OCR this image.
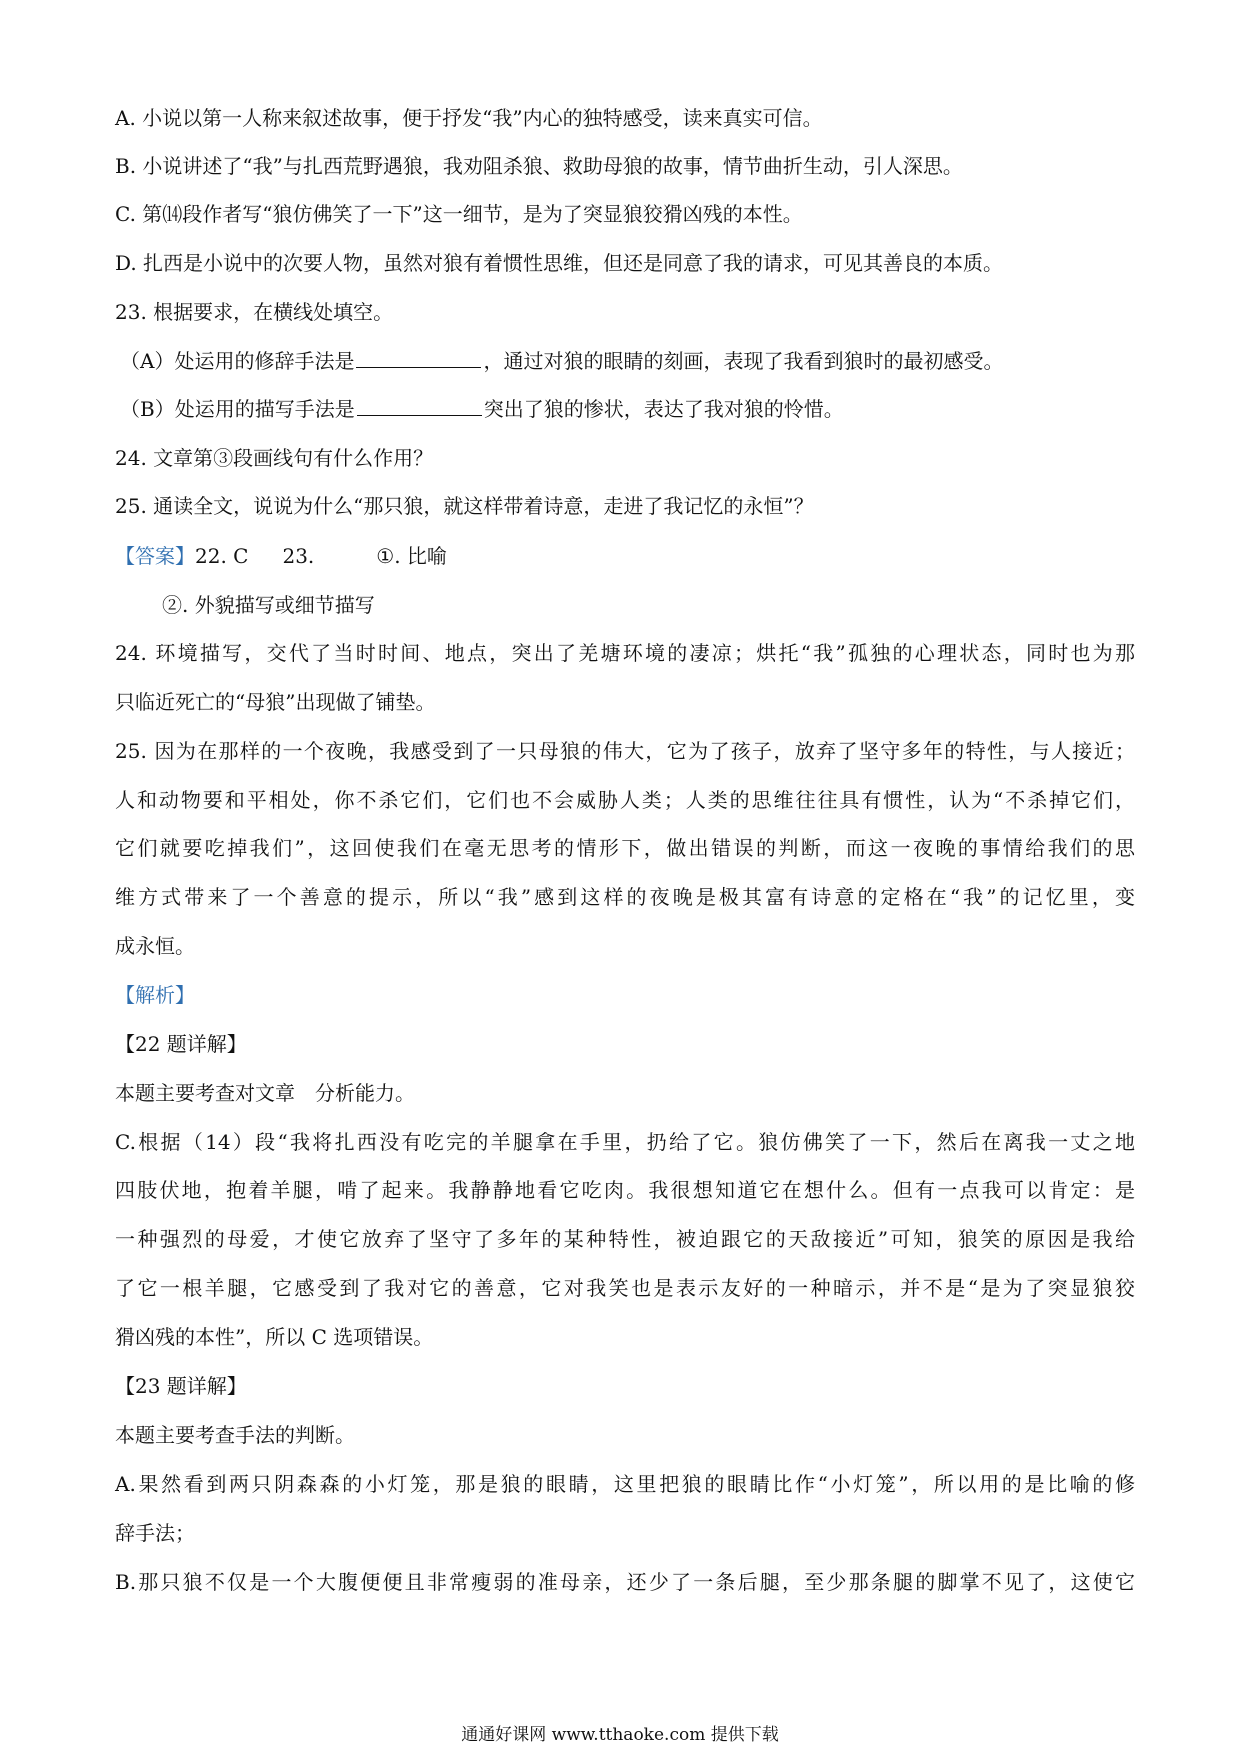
A. 小说以第一人称来叙述故事，便于抒发“我”内心的独特感受，读来真实可信。
B. 小说讲述了“我”与扎西荒野遇狼，我劝阻杀狼、救助母狼的故事，情节曲折生动，引人深思。
C. 第⒁段作者写“狼仿佛笑了一下”这一细节，是为了突显狼狡猾凶残的本性。
D. 扎西是小说中的次要人物，虽然对狼有着惯性思维，但还是同意了我的请求，可见其善良的本质。
23. 根据要求，在横线处填空。
（A）处运用的修辞手法是	，通过对狼的眼睛的刻画，表现了我看到狼时的最初感受。
（B）处运用的描写手法是	突出了狼的惨状，表达了我对狼的怜惜。
24. 文章第③段画线句有什么作用？
25. 通读全文，说说为什么“那只狼，就这样带着诗意，走进了我记忆的永恒”？
【答案】22. C 23.	①. 比喻
②. 外貌描写或细节描写
24. 环境描写，交代了当时时间、地点，突出了羌塘环境的凄凉；烘托“我”孤独的心理状态，同时也为那
只临近死亡的“母狼”出现做了铺垫。
25. 因为在那样的一个夜晚，我感受到了一只母狼的伟大，它为了孩子，放弃了坚守多年的特性，与人接近；
人和动物要和平相处，你不杀它们，它们也不会威胁人类；人类的思维往往具有惯性，认为“不杀掉它们，
它们就要吃掉我们”，这回使我们在毫无思考的情形下，做出错误的判断，而这一夜晚的事情给我们的思
维方式带来了一个善意的提示，所以“我”感到这样的夜晚是极其富有诗意的定格在“我”的记忆里，变
成永恒。
【解析】
【22 题详解】
本题主要考查对文章　分析能力。
C.根据（14）段“我将扎西没有吃完的羊腿拿在手里，扔给了它。狼仿佛笑了一下，然后在离我一丈之地
四肢伏地，抱着羊腿，啃了起来。我静静地看它吃肉。我很想知道它在想什么。但有一点我可以肯定：是
一种强烈的母爱，才使它放弃了坚守了多年的某种特性，被迫跟它的天敌接近”可知，狼笑的原因是我给
了它一根羊腿，它感受到了我对它的善意，它对我笑也是表示友好的一种暗示，并不是“是为了突显狼狡
猾凶残的本性”，所以 C 选项错误。
【23 题详解】
本题主要考查手法的判断。
A.果然看到两只阴森森的小灯笼，那是狼的眼睛，这里把狼的眼睛比作“小灯笼”，所以用的是比喻的修
辞手法；
B.那只狼不仅是一个大腹便便且非常瘦弱的准母亲，还少了一条后腿，至少那条腿的脚掌不见了，这使它
通通好课网 www.tthaoke.com 提供下载
